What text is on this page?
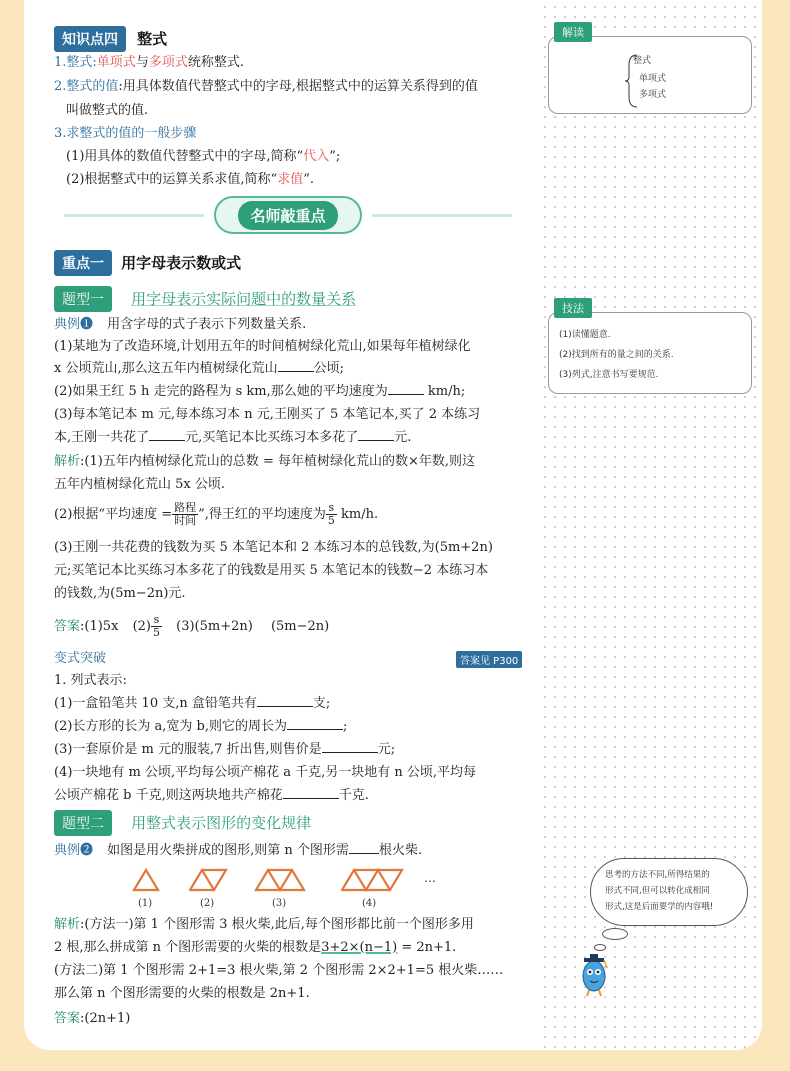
知识点四 整式
1.整式:单项式与多项式统称整式.
2.整式的值:用具体数值代替整式中的字母,根据整式中的运算关系得到的值
叫做整式的值.
3.求整式的值的一般步骤
(1)用具体的数值代替整式中的字母,简称“代入”;
(2)根据整式中的运算关系求值,简称“求值”.
名师敲重点
重点一 用字母表示数或式
题型一 用字母表示实际问题中的数量关系
典例❶ 用含字母的式子表示下列数量关系.
(1)某地为了改造环境,计划用五年的时间植树绿化荒山,如果每年植树绿化
x 公顷荒山,那么这五年内植树绿化荒山	公顷;
(2)如果王红 5 h 走完的路程为 s km,那么她的平均速度为	km/h;
(3)每本笔记本 m 元,每本练习本 n 元,王刚买了 5 本笔记本,买了 2 本练习
本,王刚一共花了	元,买笔记本比买练习本多花了	元.
解析:(1)五年内植树绿化荒山的总数 = 每年植树绿化荒山的数×年数,则这
五年内植树绿化荒山 5x 公顷.
(2)根据“平均速度 = $\frac{\text{路程}}{\text{时间}}$ ”,得王红的平均速度为 $\frac{s}{5} km/h$.
(3)王刚一共花费的钱数为买 5 本笔记本和 2 本练习本的总钱数,为(5m+2n)
元;买笔记本比买练习本多花了的钱数是用买 5 本笔记本的钱数−2 本练习本
的钱数,为(5m−2n)元.
答案:(1)5x $(2) \frac{s}{5} (3)(5m+2n)$ (5m−2n)
变式突破	答案见 P300
1. 列式表示:
(1)一盒铅笔共 10 支,n 盒铅笔共有	支;
(2)长方形的长为 a,宽为 b,则它的周长为	;
(3)一套原价是 m 元的服装,7 折出售,则售价是	元;
(4)一块地有 m 公顷,平均每公顷产棉花 a 千克,另一块地有 n 公顷,平均每
公顷产棉花 b 千克,则这两块地共产棉花	千克.
题型二 用整式表示图形的变化规律
典例❷ 如图是用火柴拼成的图形,则第 n 个图形需 根火柴.
…
(1)	(2)	(3)	(4)
解析:(方法一)第 1 个图形需 3 根火柴,此后,每个图形都比前一个图形多用
2 根,那么拼成第 n 个图形需要的火柴的根数是3+2×(n−1) = 2n+1.
(方法二)第 1 个图形需 2+1=3 根火柴,第 2 个图形需 2×2+1=5 根火柴……
那么第 n 个图形需要的火柴的根数是 2n+1.
答案:(2n+1)
整式
单项式
多项式
解读
(1)读懂题意.
(2)找到所有的量之间的关系.
(3)列式,注意书写要规范.
技法
思考的方法不同,所得结果的
形式不同,但可以转化成相同
形式,这是后面要学的内容哦!
